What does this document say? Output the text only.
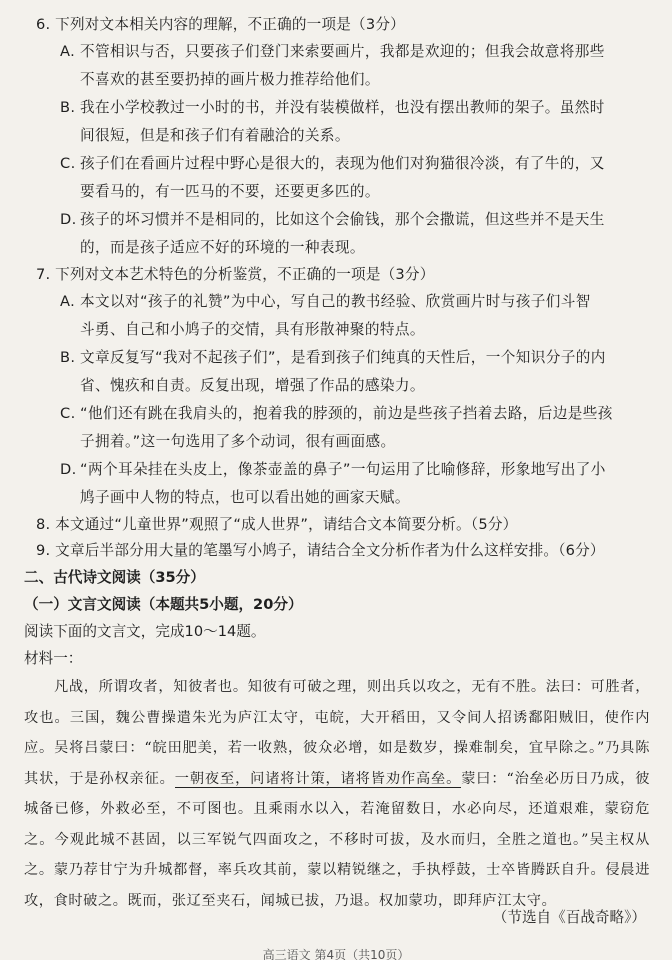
6. 下列对文本相关内容的理解，不正确的一项是（3分）

A. 不管相识与否，只要孩子们登门来索要画片，我都是欢迎的；但我会故意将那些
不喜欢的甚至要扔掉的画片极力推荐给他们。

B. 我在小学校教过一小时的书，并没有装模做样，也没有摆出教师的架子。虽然时
间很短，但是和孩子们有着融洽的关系。

C. 孩子们在看画片过程中野心是很大的，表现为他们对狗猫很冷淡，有了牛的，又
要看马的，有一匹马的不要，还要更多匹的。

D. 孩子的坏习惯并不是相同的，比如这个会偷钱，那个会撒谎，但这些并不是天生
的，而是孩子适应不好的环境的一种表现。

7. 下列对文本艺术特色的分析鉴赏，不正确的一项是（3分）

A. 本文以对“孩子的礼赞”为中心，写自己的教书经验、欣赏画片时与孩子们斗智
斗勇、自己和小鸠子的交情，具有形散神聚的特点。

B. 文章反复写“我对不起孩子们”，是看到孩子们纯真的天性后，一个知识分子的内
省、愧疚和自责。反复出现，增强了作品的感染力。

C. “他们还有跳在我肩头的，抱着我的脖颈的，前边是些孩子挡着去路，后边是些孩
子拥着。”这一句选用了多个动词，很有画面感。

D. “两个耳朵挂在头皮上，像茶壶盖的鼻子”一句运用了比喻修辞，形象地写出了小
鸠子画中人物的特点，也可以看出她的画家天赋。

8. 本文通过“儿童世界”观照了“成人世界”，请结合文本简要分析。（5分）

9. 文章后半部分用大量的笔墨写小鸠子，请结合全文分析作者为什么这样安排。（6分）

二、古代诗文阅读（35分）

（一）文言文阅读（本题共5小题，20分）

阅读下面的文言文，完成10～14题。

材料一：

凡战，所谓攻者，知彼者也。知彼有可破之理，则出兵以攻之，无有不胜。法曰：可胜者，攻也。三国，魏公曹操遣朱光为庐江太守，屯皖，大开稻田，又令间人招诱鄱阳贼旧，使作内应。吴将吕蒙曰：“皖田肥美，若一收熟，彼众必增，如是数岁，操难制矣，宜早除之。”乃具陈其状，于是孙权亲征。一朝夜至，问诸将计策，诸将皆劝作高垒。蒙曰：“治垒必历日乃成，彼城备已修，外救必至，不可图也。且乘雨水以入，若淹留数日，水必向尽，还道艰难，蒙窃危之。今观此城不甚固，以三军锐气四面攻之，不移时可拔，及水而归，全胜之道也。”吴主权从之。蒙乃荐甘宁为升城都督，率兵攻其前，蒙以精锐继之，手执桴鼓，士卒皆腾跃自升。侵晨进攻，食时破之。既而，张辽至夹石，闻城已拔，乃退。权加蒙功，即拜庐江太守。

（节选自《百战奇略》）
高三语文 第4页（共10页）
